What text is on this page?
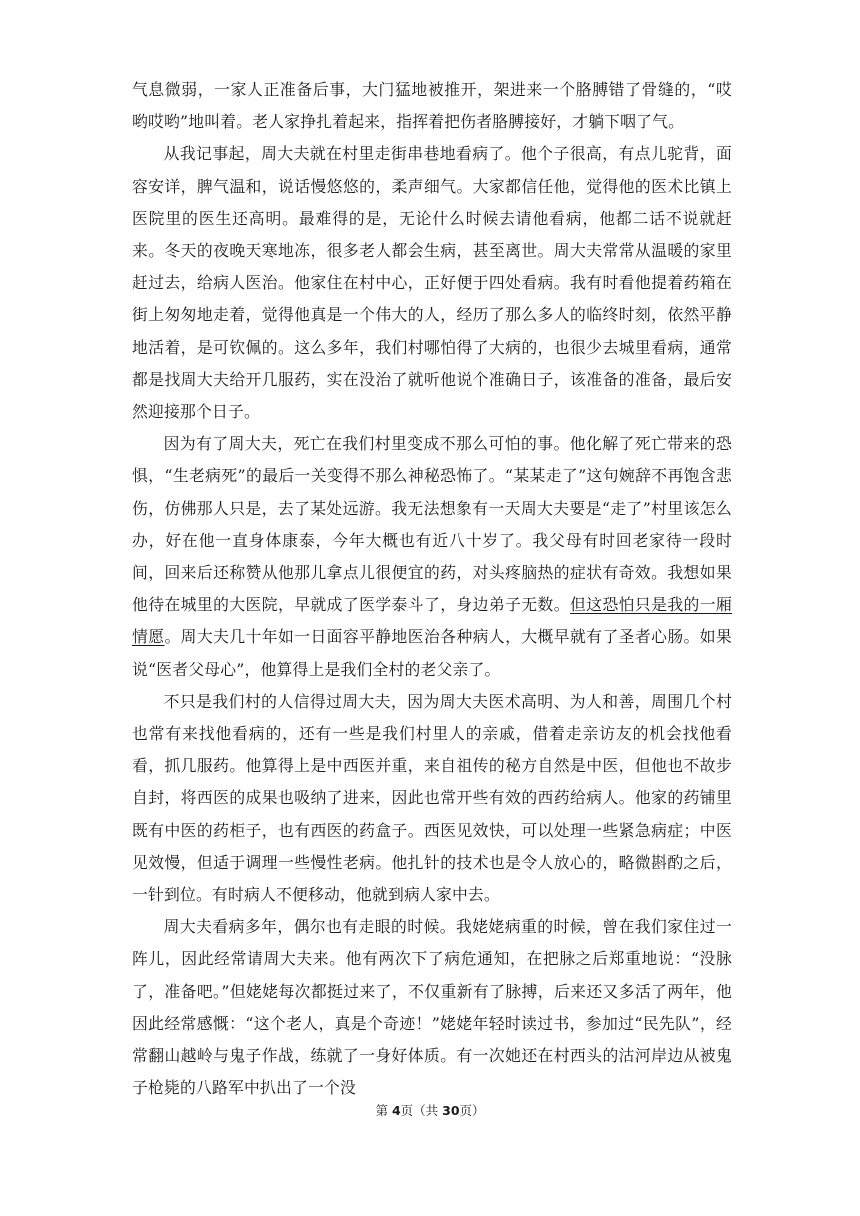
气息微弱，一家人正准备后事，大门猛地被推开，架进来一个胳膊错了骨缝的，“哎哟哎哟”地叫着。老人家挣扎着起来，指挥着把伤者胳膊接好，才躺下咽了气。

从我记事起，周大夫就在村里走街串巷地看病了。他个子很高，有点儿驼背，面容安详，脾气温和，说话慢悠悠的，柔声细气。大家都信任他，觉得他的医术比镇上医院里的医生还高明。最难得的是，无论什么时候去请他看病，他都二话不说就赶来。冬天的夜晚天寒地冻，很多老人都会生病，甚至离世。周大夫常常从温暖的家里赶过去，给病人医治。他家住在村中心，正好便于四处看病。我有时看他提着药箱在街上匆匆地走着，觉得他真是一个伟大的人，经历了那么多人的临终时刻，依然平静地活着，是可钦佩的。这么多年，我们村哪怕得了大病的，也很少去城里看病，通常都是找周大夫给开几服药，实在没治了就听他说个准确日子，该准备的准备，最后安然迎接那个日子。

因为有了周大夫，死亡在我们村里变成不那么可怕的事。他化解了死亡带来的恐惧，“生老病死”的最后一关变得不那么神秘恐怖了。“某某走了”这句婉辞不再饱含悲伤，仿佛那人只是，去了某处远游。我无法想象有一天周大夫要是“走了”村里该怎么办，好在他一直身体康泰，今年大概也有近八十岁了。我父母有时回老家待一段时间，回来后还称赞从他那儿拿点儿很便宜的药，对头疼脑热的症状有奇效。我想如果他待在城里的大医院，早就成了医学泰斗了，身边弟子无数。但这恐怕只是我的一厢情愿。周大夫几十年如一日面容平静地医治各种病人，大概早就有了圣者心肠。如果说“医者父母心”，他算得上是我们全村的老父亲了。

不只是我们村的人信得过周大夫，因为周大夫医术高明、为人和善，周围几个村也常有来找他看病的，还有一些是我们村里人的亲戚，借着走亲访友的机会找他看看，抓几服药。他算得上是中西医并重，来自祖传的秘方自然是中医，但他也不故步自封，将西医的成果也吸纳了进来，因此也常开些有效的西药给病人。他家的药铺里既有中医的药柜子，也有西医的药盒子。西医见效快，可以处理一些紧急病症；中医见效慢，但适于调理一些慢性老病。他扎针的技术也是令人放心的，略微斟酌之后，一针到位。有时病人不便移动，他就到病人家中去。

周大夫看病多年，偶尔也有走眼的时候。我姥姥病重的时候，曾在我们家住过一阵儿，因此经常请周大夫来。他有两次下了病危通知，在把脉之后郑重地说：“没脉了，准备吧。”但姥姥每次都挺过来了，不仅重新有了脉搏，后来还又多活了两年，他因此经常感慨：“这个老人，真是个奇迹！”姥姥年轻时读过书，参加过“民先队”，经常翻山越岭与鬼子作战，练就了一身好体质。有一次她还在村西头的沽河岸边从被鬼子枪毙的八路军中扒出了一个没

第 4页（共 30页）
